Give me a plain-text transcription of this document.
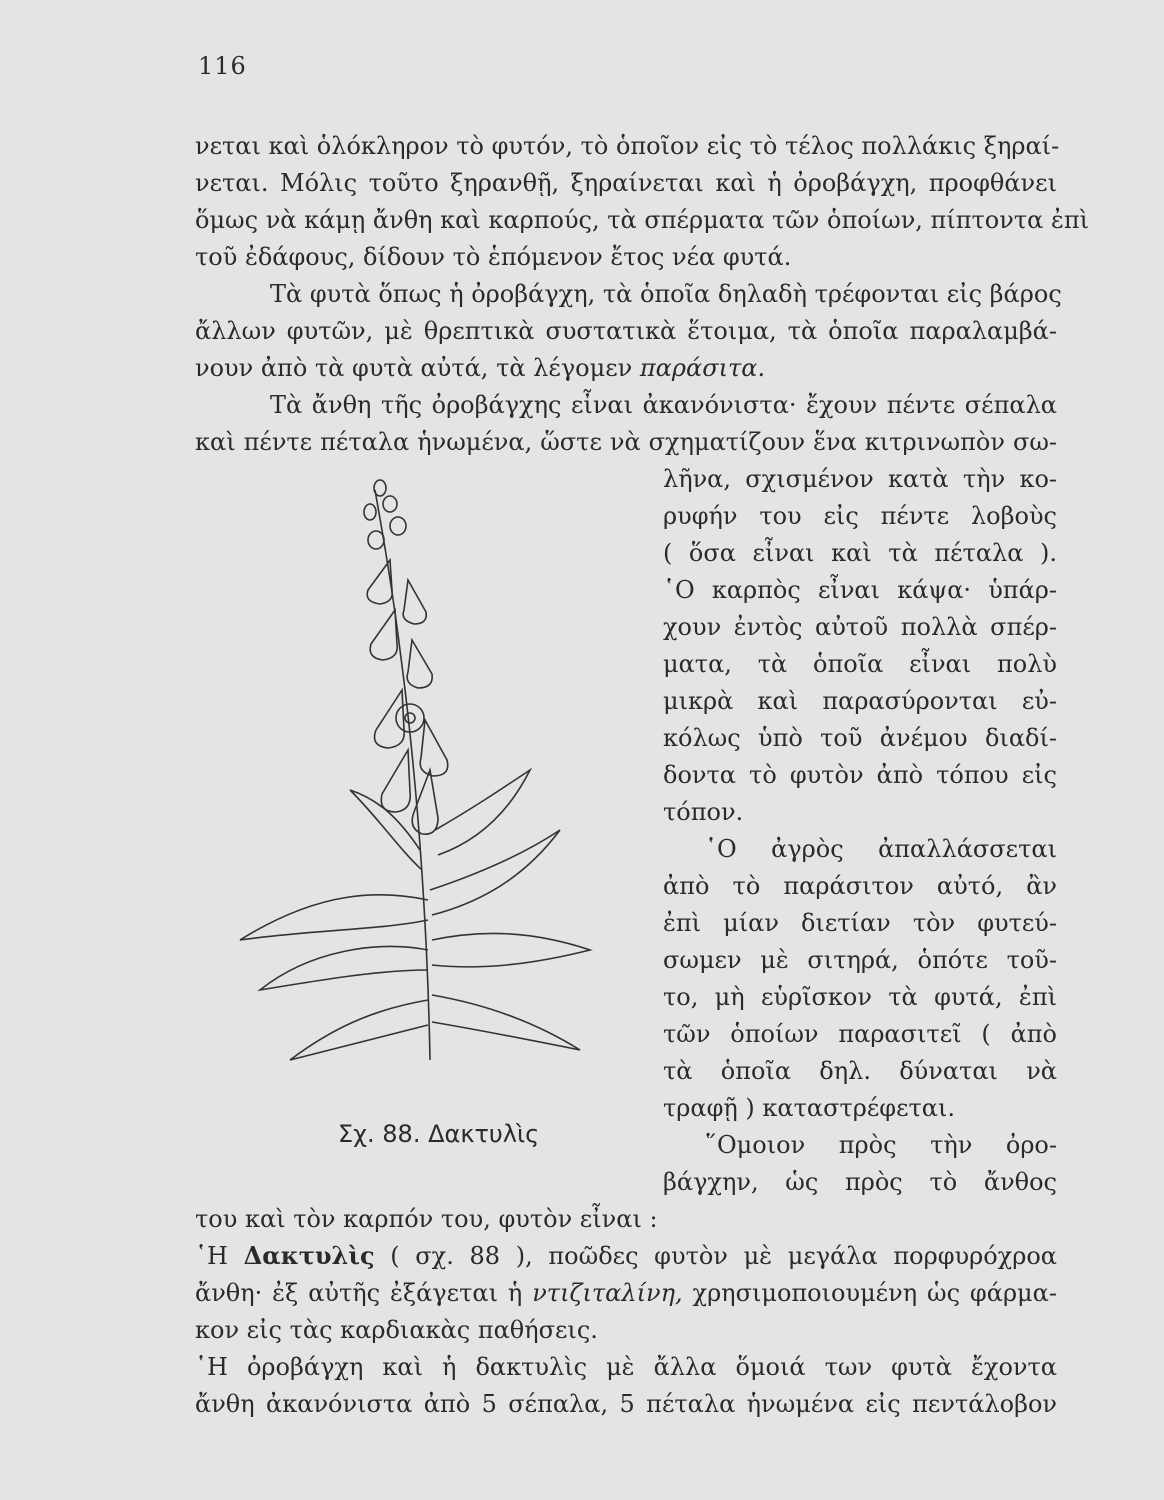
116
νεται καὶ ὁλόκληρον τὸ φυτόν, τὸ ὁποῖον εἰς τὸ τέλος πολλάκις ξηραί-
νεται. Μόλις τοῦτο ξηρανθῇ, ξηραίνεται καὶ ἡ ὀροβάγχη, προφθάνει
ὅμως νὰ κάμῃ ἄνθη καὶ καρπούς, τὰ σπέρματα τῶν ὁποίων, πίπτοντα ἐπὶ
τοῦ ἐδάφους, δίδουν τὸ ἑπόμενον ἔτος νέα φυτά.
Τὰ φυτὰ ὅπως ἡ ὀροβάγχη, τὰ ὁποῖα δηλαδὴ τρέφονται εἰς βάρος
ἄλλων φυτῶν, μὲ θρεπτικὰ συστατικὰ ἕτοιμα, τὰ ὁποῖα παραλαμβά-
νουν ἀπὸ τὰ φυτὰ αὐτά, τὰ λέγομεν παράσιτα.
Τὰ ἄνθη τῆς ὀροβάγχης εἶναι ἀκανόνιστα· ἔχουν πέντε σέπαλα
καὶ πέντε πέταλα ἡνωμένα, ὥστε νὰ σχηματίζουν ἕνα κιτρινωπὸν σω-
λῆνα, σχισμένον κατὰ τὴν κο-
ρυφήν του εἰς πέντε λοβοὺς
( ὅσα εἶναι καὶ τὰ πέταλα ).
῾Ο καρπὸς εἶναι κάψα· ὑπάρ-
χουν ἐντὸς αὐτοῦ πολλὰ σπέρ-
ματα, τὰ ὁποῖα εἶναι πολὺ
μικρὰ καὶ παρασύρονται εὐ-
κόλως ὑπὸ τοῦ ἀνέμου διαδί-
δοντα τὸ φυτὸν ἀπὸ τόπου εἰς
τόπον.
῾Ο ἀγρὸς ἀπαλλάσσεται
ἀπὸ τὸ παράσιτον αὐτό, ἂν
ἐπὶ μίαν διετίαν τὸν φυτεύ-
σωμεν μὲ σιτηρά, ὁπότε τοῦ-
το, μὴ εὑρῖσκον τὰ φυτά, ἐπὶ
τῶν ὁποίων παρασιτεῖ ( ἀπὸ
τὰ ὁποῖα δηλ. δύναται νὰ
τραφῇ ) καταστρέφεται.
῞Ομοιον πρὸς τὴν ὀρο-
βάγχην, ὡς πρὸς τὸ ἄνθος
Σχ. 88. Δακτυλὶς
του καὶ τὸν καρπόν του, φυτὸν εἶναι :
῾Η Δακτυλὶς ( σχ. 88 ), ποῶδες φυτὸν μὲ μεγάλα πορφυρόχροα
ἄνθη· ἐξ αὐτῆς ἐξάγεται ἡ ντιζιταλίνη, χρησιμοποιουμένη ὡς φάρμα-
κον εἰς τὰς καρδιακὰς παθήσεις.
῾Η ὀροβάγχη καὶ ἡ δακτυλὶς μὲ ἄλλα ὅμοιά των φυτὰ ἔχοντα
ἄνθη ἀκανόνιστα ἀπὸ 5 σέπαλα, 5 πέταλα ἡνωμένα εἰς πεντάλοβον
